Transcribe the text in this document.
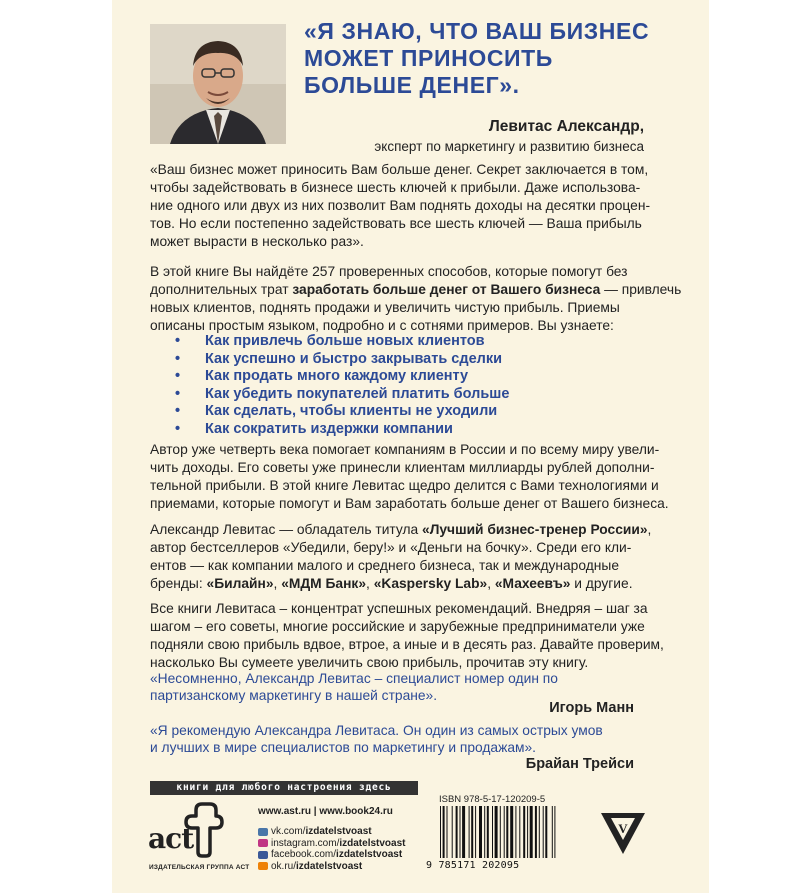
«Я ЗНАЮ, ЧТО ВАШ БИЗНЕС
МОЖЕТ ПРИНОСИТЬ
БОЛЬШЕ ДЕНЕГ».
Левитас Александр,
эксперт по маркетингу и развитию бизнеса
«Ваш бизнес может приносить Вам больше денег. Секрет заключается в том,
чтобы задействовать в бизнесе шесть ключей к прибыли. Даже использова-
ние одного или двух из них позволит Вам поднять доходы на десятки процен-
тов. Но если постепенно задействовать все шесть ключей — Ваша прибыль
может вырасти в несколько раз».
В этой книге Вы найдёте 257 проверенных способов, которые помогут без
дополнительных трат заработать больше денег от Вашего бизнеса — привлечь
новых клиентов, поднять продажи и увеличить чистую прибыль. Приемы
описаны простым языком, подробно и с сотнями примеров. Вы узнаете:
•	Как привлечь больше новых клиентов
•	Как успешно и быстро закрывать сделки
•	Как продать много каждому клиенту
•	Как убедить покупателей платить больше
•	Как сделать, чтобы клиенты не уходили
•	Как сократить издержки компании
Автор уже четверть века помогает компаниям в России и по всему миру увели-
чить доходы. Его советы уже принесли клиентам миллиарды рублей дополни-
тельной прибыли. В этой книге Левитас щедро делится с Вами технологиями и
приемами, которые помогут и Вам заработать больше денег от Вашего бизнеса.
Александр Левитас — обладатель титула «Лучший бизнес-тренер России»,
автор бестселлеров «Убедили, беру!» и «Деньги на бочку». Среди его кли-
ентов — как компании малого и среднего бизнеса, так и международные
бренды: «Билайн», «МДМ Банк», «Kaspersky Lab», «Махеевъ» и другие.
Все книги Левитаса – концентрат успешных рекомендаций. Внедряя – шаг за
шагом – его советы, многие российские и зарубежные предприниматели уже
подняли свою прибыль вдвое, втрое, а иные и в десять раз. Давайте проверим,
насколько Вы сумеете увеличить свою прибыль, прочитав эту книгу.
«Несомненно, Александр Левитас – специалист номер один по
партизанскому маркетингу в нашей стране».
Игорь Манн
«Я рекомендую Александра Левитаса. Он один из самых острых умов
и лучших в мире специалистов по маркетингу и продажам».
Брайан Трейси
книги для любого настроения здесь
aсt
ИЗДАТЕЛЬСКАЯ ГРУППА АСТ
www.ast.ru | www.book24.ru
vk.com/ izdatelstvoast
instagram.com/ izdatelstvoast
facebook.com/ izdatelstvoast
ok.ru/ izdatelstvoast
ISBN 978-5-17-120209-5
9 785171 202095
V
